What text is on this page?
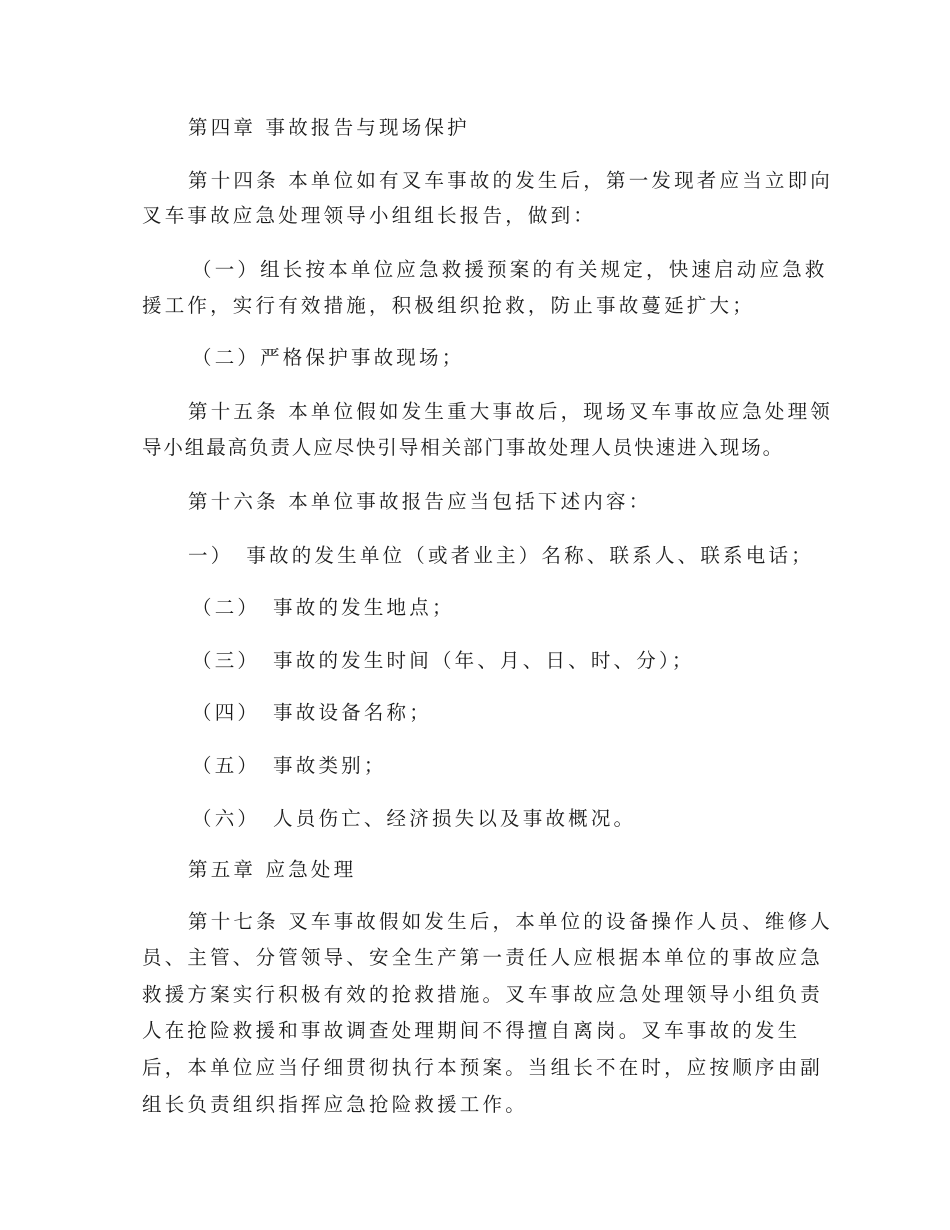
第四章 事故报告与现场保护

第十四条 本单位如有叉车事故的发生后，第一发现者应当立即向

叉车事故应急处理领导小组组长报告，做到：

（一）组长按本单位应急救援预案的有关规定，快速启动应急救

援工作，实行有效措施，积极组织抢救，防止事故蔓延扩大；

（二）严格保护事故现场；

第十五条 本单位假如发生重大事故后，现场叉车事故应急处理领

导小组最高负责人应尽快引导相关部门事故处理人员快速进入现场。

第十六条 本单位事故报告应当包括下述内容：

一）　事故的发生单位（或者业主）名称、联系人、联系电话；

（二）　事故的发生地点；

（三）　事故的发生时间（年、月、日、时、分）；

（四）　事故设备名称；

（五）　事故类别；

（六）　人员伤亡、经济损失以及事故概况。

第五章 应急处理

第十七条 叉车事故假如发生后，本单位的设备操作人员、维修人

员、主管、分管领导、安全生产第一责任人应根据本单位的事故应急

救援方案实行积极有效的抢救措施。叉车事故应急处理领导小组负责

人在抢险救援和事故调查处理期间不得擅自离岗。叉车事故的发生

后，本单位应当仔细贯彻执行本预案。当组长不在时，应按顺序由副

组长负责组织指挥应急抢险救援工作。
